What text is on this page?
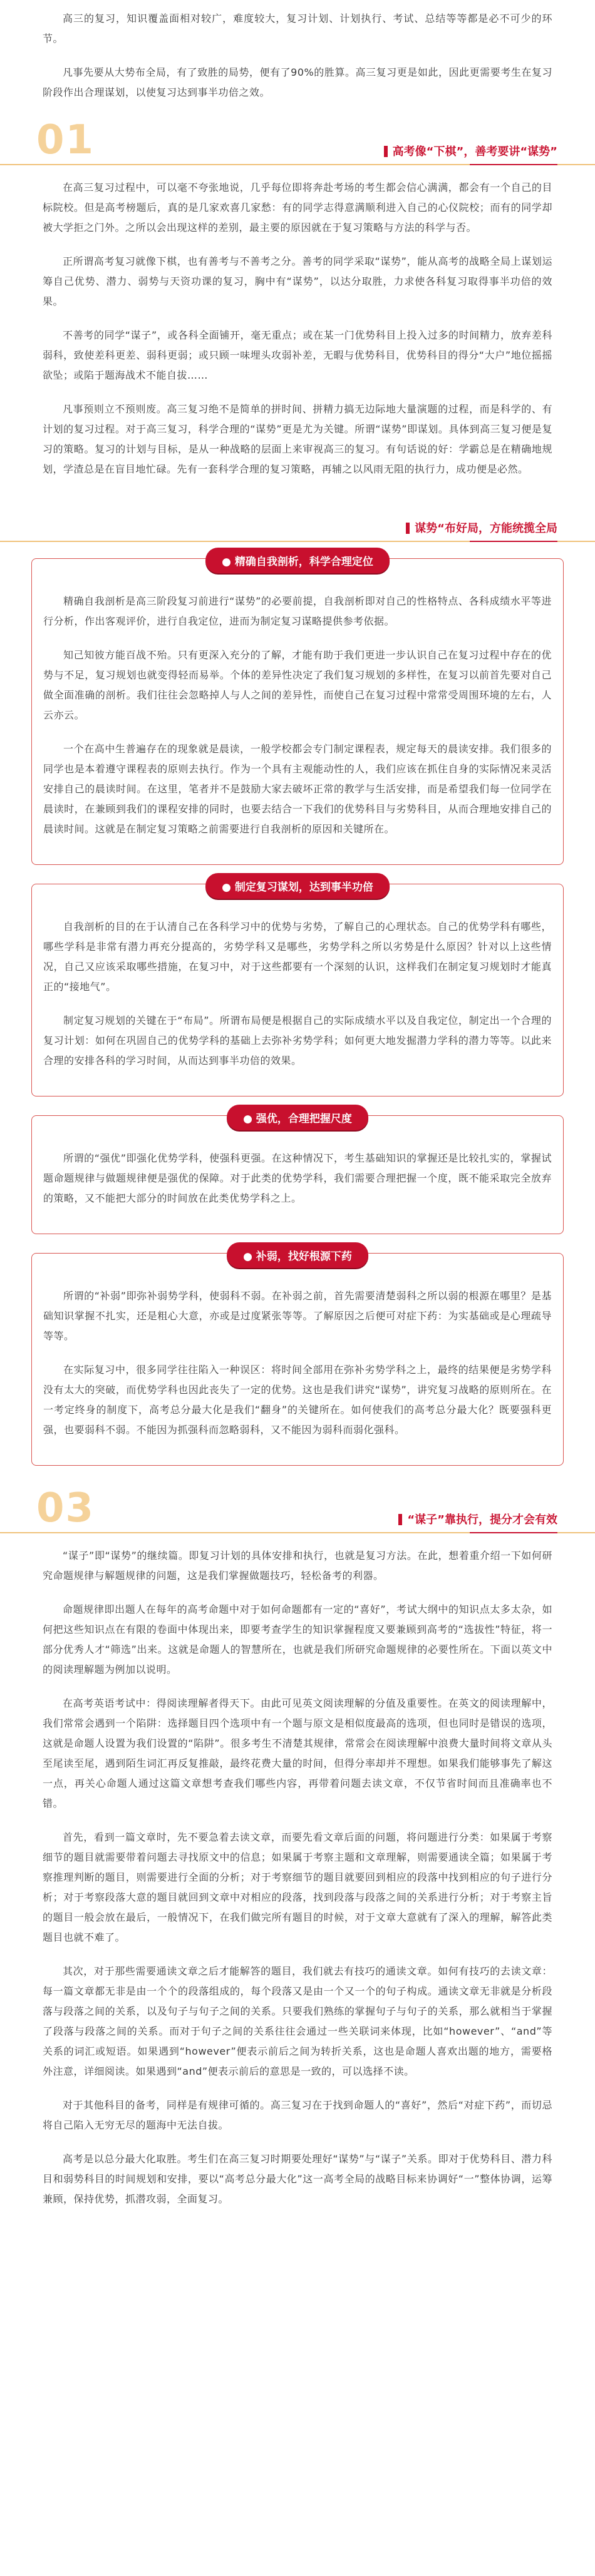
高三的复习，知识覆盖面相对较广，难度较大，复习计划、计划执行、考试、总结等等都是必不可少的环节。

凡事先要从大势布全局，有了致胜的局势，便有了90%的胜算。高三复习更是如此，因此更需要考生在复习阶段作出合理谋划，以使复习达到事半功倍之效。

01	高考像“下棋”，善考要讲“谋势”

在高三复习过程中，可以毫不夸张地说，几乎每位即将奔赴考场的考生都会信心满满，都会有一个自己的目标院校。但是高考榜题后，真的是几家欢喜几家愁：有的同学志得意满顺利进入自己的心仪院校；而有的同学却被大学拒之门外。之所以会出现这样的差别，最主要的原因就在于复习策略与方法的科学与否。

正所谓高考复习就像下棋，也有善考与不善考之分。善考的同学采取“谋势”，能从高考的战略全局上谋划运筹自己优势、潜力、弱势与天资功课的复习，胸中有“谋势”，以达分取胜，力求使各科复习取得事半功倍的效果。

不善考的同学“谋子”，或各科全面铺开，毫无重点；或在某一门优势科目上投入过多的时间精力，放弃差科弱科，致使差科更差、弱科更弱；或只顾一味埋头攻弱补差，无暇与优势科目，优势科目的得分“大户”地位摇摇欲坠；或陷于题海战术不能自拔……

凡事预则立不预则废。高三复习绝不是简单的拼时间、拼精力搞无边际地大量演题的过程，而是科学的、有计划的复习过程。对于高三复习，科学合理的“谋势”更是尤为关键。所谓“谋势”即谋划。具体到高三复习便是复习的策略。复习的计划与目标，是从一种战略的层面上来审视高三的复习。有句话说的好：学霸总是在精确地规划，学渣总是在盲目地忙碌。先有一套科学合理的复习策略，再辅之以风雨无阻的执行力，成功便是必然。

谋势“布好局，方能统揽全局
● 精确自我剖析，科学合理定位

精确自我剖析是高三阶段复习前进行“谋势”的必要前提，自我剖析即对自己的性格特点、各科成绩水平等进行分析，作出客观评价，进行自我定位，进而为制定复习谋略提供参考依据。

知己知彼方能百战不殆。只有更深入充分的了解，才能有助于我们更进一步认识自己在复习过程中存在的优势与不足，复习规划也就变得轻而易举。个体的差异性决定了我们复习规划的多样性，在复习以前首先要对自己做全面准确的剖析。我们往往会忽略掉人与人之间的差异性，而使自己在复习过程中常常受周围环境的左右，人云亦云。

一个在高中生普遍存在的现象就是晨读，一般学校都会专门制定课程表，规定每天的晨读安排。我们很多的同学也是本着遵守课程表的原则去执行。作为一个具有主观能动性的人，我们应该在抓住自身的实际情况来灵活安排自己的晨读时间。在这里，笔者并不是鼓励大家去破坏正常的教学与生活安排，而是希望我们每一位同学在晨读时，在兼顾到我们的课程安排的同时，也要去结合一下我们的优势科目与劣势科目，从而合理地安排自己的晨读时间。这就是在制定复习策略之前需要进行自我剖析的原因和关键所在。

● 制定复习谋划，达到事半功倍

自我剖析的目的在于认清自己在各科学习中的优势与劣势，了解自己的心理状态。自己的优势学科有哪些，哪些学科是非常有潜力再充分提高的，劣势学科又是哪些，劣势学科之所以劣势是什么原因？针对以上这些情况，自己又应该采取哪些措施，在复习中，对于这些都要有一个深刻的认识，这样我们在制定复习规划时才能真正的“接地气”。

制定复习规划的关键在于“布局”。所谓布局便是根据自己的实际成绩水平以及自我定位，制定出一个合理的复习计划：如何在巩固自己的优势学科的基础上去弥补劣势学科；如何更大地发掘潜力学科的潜力等等。以此来合理的安排各科的学习时间，从而达到事半功倍的效果。

● 强优，合理把握尺度

所谓的“强优”即强化优势学科，使强科更强。在这种情况下，考生基础知识的掌握还是比较扎实的，掌握试题命题规律与做题规律便是强优的保障。对于此类的优势学科，我们需要合理把握一个度，既不能采取完全放弃的策略，又不能把大部分的时间放在此类优势学科之上。

● 补弱，找好根源下药

所谓的“补弱”即弥补弱势学科，使弱科不弱。在补弱之前，首先需要清楚弱科之所以弱的根源在哪里？是基础知识掌握不扎实，还是粗心大意，亦或是过度紧张等等。了解原因之后便可对症下药：为实基础或是心理疏导等等。

在实际复习中，很多同学往往陷入一种误区：将时间全部用在弥补劣势学科之上，最终的结果便是劣势学科没有太大的突破，而优势学科也因此丧失了一定的优势。这也是我们讲究“谋势”，讲究复习战略的原则所在。在一考定终身的制度下，高考总分最大化是我们“翻身”的关键所在。如何使我们的高考总分最大化？既要强科更强，也要弱科不弱。不能因为抓强科而忽略弱科，又不能因为弱科而弱化强科。

03	“谋子”靠执行，提分才会有效

“谋子”即“谋势”的继续篇。即复习计划的具体安排和执行，也就是复习方法。在此，想着重介绍一下如何研究命题规律与解题规律的问题，这是我们掌握做题技巧，轻松备考的利器。

命题规律即出题人在每年的高考命题中对于如何命题都有一定的“喜好”，考试大纲中的知识点太多太杂，如何把这些知识点在有限的卷面中体现出来，即要考查学生的知识掌握程度又要兼顾到高考的“选拔性”特征，将一部分优秀人才“筛选”出来。这就是命题人的智慧所在，也就是我们所研究命题规律的必要性所在。下面以英文中的阅读理解题为例加以说明。

在高考英语考试中：得阅读理解者得天下。由此可见英文阅读理解的分值及重要性。在英文的阅读理解中，我们常常会遇到一个陷阱：选择题目四个选项中有一个题与原文是相似度最高的选项，但也同时是错误的选项，这就是命题人设置为我们设置的“陷阱”。很多考生不清楚其规律，常常会在阅读理解中浪费大量时间将文章从头至尾读至尾，遇到陌生词汇再反复推敲，最终花费大量的时间，但得分率却并不理想。如果我们能够事先了解这一点，再关心命题人通过这篇文章想考查我们哪些内容，再带着问题去读文章，不仅节省时间而且准确率也不错。

首先，看到一篇文章时，先不要急着去读文章，而要先看文章后面的问题，将问题进行分类：如果属于考察细节的题目就需要带着问题去寻找原文中的信息；如果属于考察主题和文章理解，则需要通读全篇；如果属于考察推理判断的题目，则需要进行全面的分析；对于考察细节的题目就要回到相应的段落中找到相应的句子进行分析；对于考察段落大意的题目就回到文章中对相应的段落，找到段落与段落之间的关系进行分析；对于考察主旨的题目一般会放在最后，一般情况下，在我们做完所有题目的时候，对于文章大意就有了深入的理解，解答此类题目也就不难了。

其次，对于那些需要通读文章之后才能解答的题目，我们就去有技巧的通读文章。如何有技巧的去读文章：每一篇文章都无非是由一个个的段落组成的，每个段落又是由一个又一个的句子构成。通读文章无非就是分析段落与段落之间的关系，以及句子与句子之间的关系。只要我们熟练的掌握句子与句子的关系，那么就相当于掌握了段落与段落之间的关系。而对于句子之间的关系往往会通过一些关联词来体现，比如“however”、“and”等关系的词汇或短语。如果遇到“however”便表示前后之间为转折关系，这也是命题人喜欢出题的地方，需要格外注意，详细阅读。如果遇到“and”便表示前后的意思是一致的，可以选择不读。

对于其他科目的备考，同样是有规律可循的。高三复习在于找到命题人的“喜好”，然后“对症下药”，而切忌将自己陷入无穷无尽的题海中无法自拔。

高考是以总分最大化取胜。考生们在高三复习时期要处理好“谋势”与“谋子”关系。即对于优势科目、潜力科目和弱势科目的时间规划和安排，要以“高考总分最大化”这一高考全局的战略目标来协调好“一”整体协调，运筹兼顾，保持优势，抓潜攻弱，全面复习。
